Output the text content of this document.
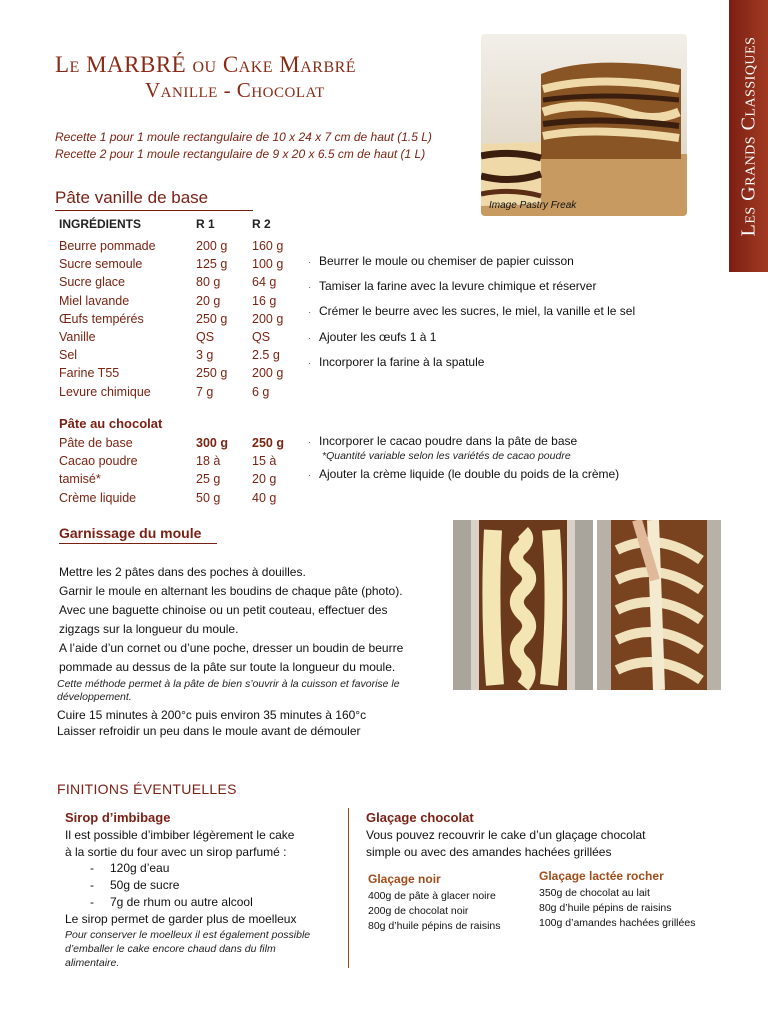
Les Grands Classiques
Le MARBRÉ ou Cake Marbré
Vanille - Chocolat
Recette 1 pour 1 moule rectangulaire de 10 x 24 x 7 cm de haut (1.5 L)
Recette 2 pour 1 moule rectangulaire de 9 x 20 x 6.5 cm de haut (1 L)
Image Pastry Freak
Pâte vanille de base
INGRÉDIENTS	R 1	R 2
Beurre pommade
Sucre semoule
Sucre glace
Miel lavande
Œufs tempérés
Vanille
Sel
Farine T55
Levure chimique
200 g
125 g
80 g
20 g
250 g
QS
3 g
250 g
7 g
160 g
100 g
64 g
16 g
200 g
QS
2.5 g
200 g
6 g
· Beurrer le moule ou chemiser de papier cuisson
· Tamiser la farine avec la levure chimique et réserver
· Crémer le beurre avec les sucres, le miel, la vanille et le sel
· Ajouter les œufs 1 à 1
· Incorporer la farine à la spatule
Pâte au chocolat
Pâte de base
Cacao poudre
tamisé*
Crème liquide
300 g
18 à
25 g
50 g
250 g
15 à
20 g
40 g
· Incorporer le cacao poudre dans la pâte de base
*Quantité variable selon les variétés de cacao poudre
· Ajouter la crème liquide (le double du poids de la crème)
Garnissage du moule
Mettre les 2 pâtes dans des poches à douilles.
Garnir le moule en alternant les boudins de chaque pâte (photo).
Avec une baguette chinoise ou un petit couteau, effectuer des
zigzags sur la longueur du moule.
A l’aide d’un cornet ou d’une poche, dresser un boudin de beurre
pommade au dessus de la pâte sur toute la longueur du moule.
Cette méthode permet à la pâte de bien s’ouvrir à la cuisson et favorise le développement.
Cuire 15 minutes à 200°c puis environ 35 minutes à 160°c
Laisser refroidir un peu dans le moule avant de démouler
FINITIONS ÉVENTUELLES
Sirop d’imbibage
Il est possible d’imbiber légèrement le cake
à la sortie du four avec un sirop parfumé :
- 120g d’eau
- 50g de sucre
- 7g de rhum ou autre alcool
Le sirop permet de garder plus de moelleux
Pour conserver le moelleux il est également possible d’emballer le cake encore chaud dans du film alimentaire.
Glaçage chocolat
Vous pouvez recouvrir le cake d’un glaçage chocolat
simple ou avec des amandes hachées grillées
Glaçage noir
400g de pâte à glacer noire
200g de chocolat noir
80g d’huile pépins de raisins
Glaçage lactée rocher
350g de chocolat au lait
80g d’huile pépins de raisins
100g d’amandes hachées grillées
